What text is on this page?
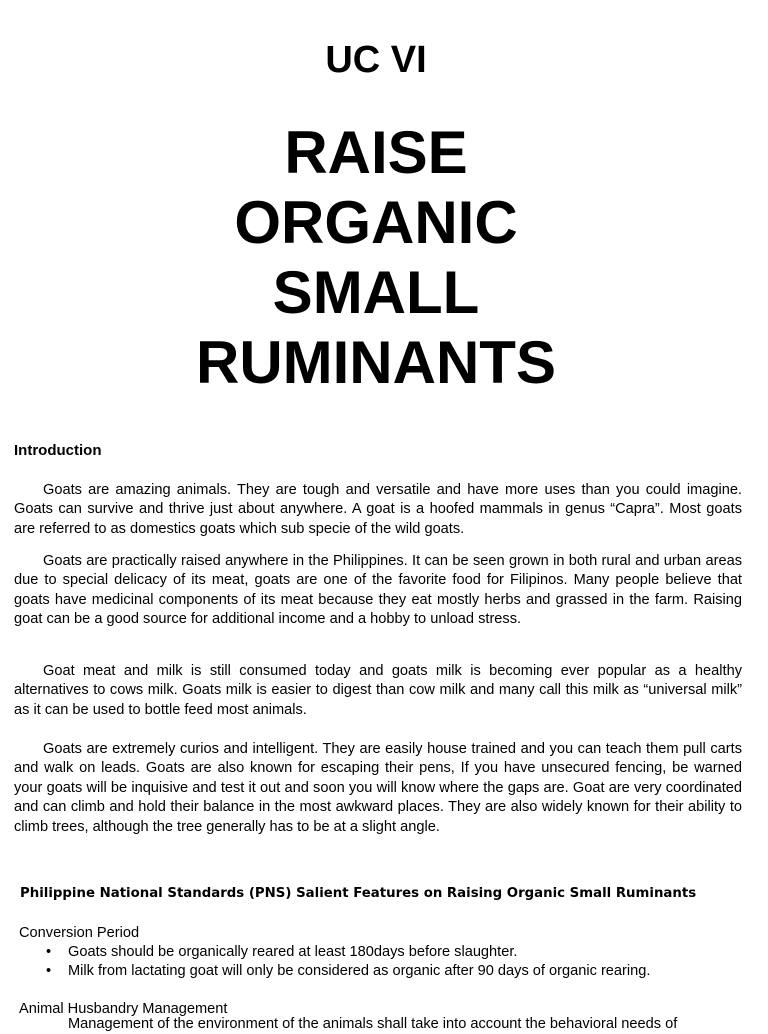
UC VI
RAISE
ORGANIC
SMALL
RUMINANTS
Introduction

Goats are amazing animals. They are tough and versatile and have more uses than you could imagine. Goats can survive and thrive just about anywhere. A goat is a hoofed mammals in genus “Capra”. Most goats are referred to as domestics goats which sub specie of the wild goats.

Goats are practically raised anywhere in the Philippines. It can be seen grown in both rural and urban areas due to special delicacy of its meat, goats are one of the favorite food for Filipinos. Many people believe that goats have medicinal components of its meat because they eat mostly herbs and grassed in the farm. Raising goat can be a good source for additional income and a hobby to unload stress.

Goat meat and milk is still consumed today and goats milk is becoming ever popular as a healthy alternatives to cows milk. Goats milk is easier to digest than cow milk and many call this milk as “universal milk” as it can be used to bottle feed most animals.

Goats are extremely curios and intelligent. They are easily house trained and you can teach them pull carts and walk on leads. Goats are also known for escaping their pens, If you have unsecured fencing, be warned your goats will be inquisive and test it out and soon you will know where the gaps are. Goat are very coordinated and can climb and hold their balance in the most awkward places. They are also widely known for their ability to climb trees, although the tree generally has to be at a slight angle.

Philippine National Standards (PNS) Salient Features on Raising Organic Small Ruminants
Conversion Period
• Goats should be organically reared at least 180days before slaughter.
• Milk from lactating goat will only be considered as organic after 90 days of organic rearing.
Animal Husbandry Management
Management of the environment of the animals shall take into account the behavioral needs of
